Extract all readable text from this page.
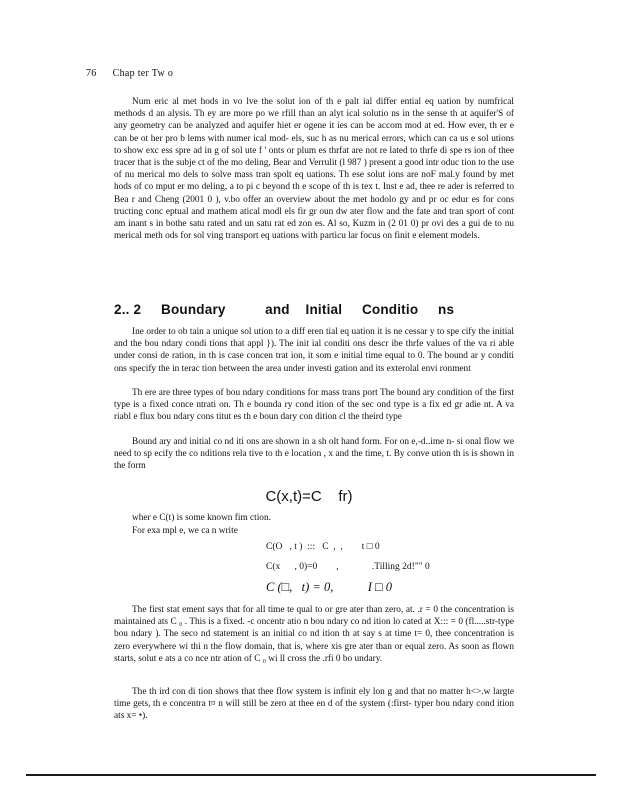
76 Chap ter Tw o

Num eric al met hods in vo lve the solut ion of th e palt ial differ ential eq uation by numfrical methods d an alysis. Th ey are more po we rfill than an alyt ical solutio ns in the sense th at aquifer'S of any geometry can be analyzed and aquifer hiet er ogene it ies can be accom mod at ed. How ever, th er e can be ot her pro b lems with numer ical mod- els, suc h as nu merical errors, which can ca us e sol utions to show exc ess spre ad in g of sol ute f ' onts or plum es thrfat are not re lated to thrfe di spe rs ion of thee tracer that is the subje ct of the mo deling, Bear and Verrulit (l 987 ) present a good intr oduc tion to the use of nu merical mo dels to solve mass tran spolt eq uations. Th ese solut ions are noF mal.y found by met hods of co mput er mo deling, a to pi c beyond th e scope of th is tex t. Inst e ad, thee re ader is referred to Bea r and Cheng (2001 0 ), v.bo offer an overview about the met hodolo gy and pr oc edur es for cons tructing conc eptual and mathem atical modl els fir gr oun dw ater flow and the fate and tran sport of cont am inant s in bothe satu rated and un satu rat ed zon es. Al so, Kuzm in (2 01 0) pr ovi des a gui de to nu merical meth ods for sol ving transport eq uations with particu lar focus on finit e element models.

2.. 2     Boundary          and    Initial     Conditio     ns

Ine order to ob tain a unique sol ution to a diff eren tial eq uation it is ne cessar y to spe cify the initial and the bou ndary condi tions that appl }). The init ial conditi ons descr ibe thrfe values of the va ri able under consi de ration, in th is case concen trat ion, it som e initial time equal to 0. The bound ar y conditi ons specify the in terac tion between the area under investi gation and its exterolal envi ronment

Th ere are three types of bou ndary conditions for mass trans port The bound ary condition of the first type is a fixed conce ntrati on. Th e bounda ry cond ition of the sec ond type is a fix ed gr adie nt. A va riabl e flux bou ndary cons titut es th e boun dary con dition cl the theird type

Bound ary and initial co nd iti ons are shown in a sh olt hand form. For on e,-d..ime n- si onal flow we need to sp ecify the co nditions rela tive to th e location , x and the time, t. By conve ution th is is shown in the form

C(x,t)=C    fr)

wher e C(t) is some known fim ction.

For exa mpl e, we ca n write

C(O   , t )  :::   C  ,  ,        t □ 0
C(x      , 0)=0        ,              .Tilling 2d!"" 0
C (□,   t) = 0,           I □ 0

The first stat ement says that for all time te qual to or gre ater than zero, at. .r = 0 the concentration is maintained ats C ₀ . This is a fixed. -c oncentr atio n bou ndary co nd ition lo cated at X::: = 0 (fl.....str-type bou ndary ). The seco nd statement is an initial co nd ition th at say s at time t= 0, thee concentration is zero everywhere wi thi n the flow domain, that is, where xis gre ater than or equal zero. As soon as flown starts, solut e ats a co nce ntr ation of C ₀ wi ll cross the .rfi 0 bo undary.

The th ird con di tion shows that thee flow system is infinit ely lon g and that no matter h<>.w largte time gets, th e concentra t¤ n will still be zero at thee en d of the system (:first- typer bou ndary cond ition ats x= •).
